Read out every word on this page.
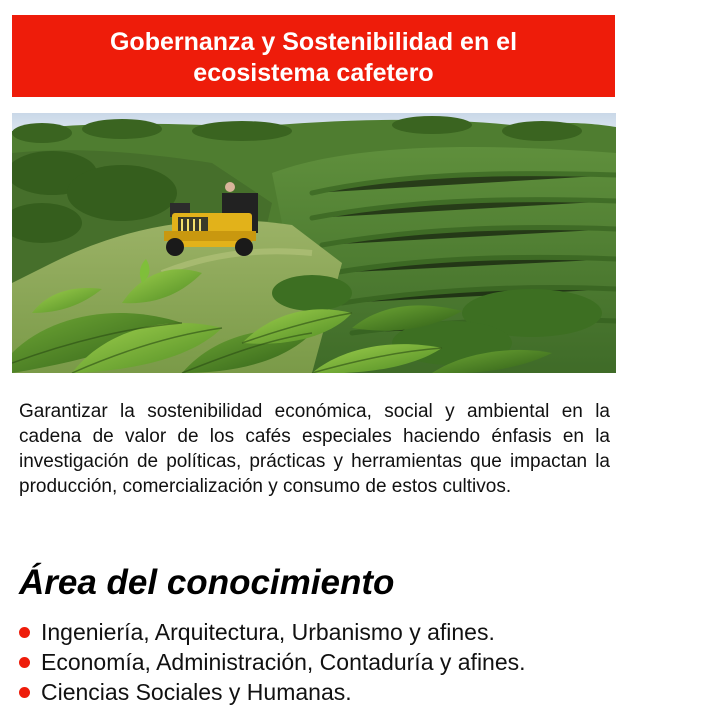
Gobernanza y Sostenibilidad en el ecosistema cafetero

Garantizar la sostenibilidad económica, social y ambiental en la cadena de valor de los cafés especiales haciendo énfasis en la investigación de políticas, prácticas y herramientas que impactan la producción, comercialización y consumo de estos cultivos.

Área del conocimiento
Ingeniería, Arquitectura, Urbanismo y afines.
Economía, Administración, Contaduría y afines.
Ciencias Sociales y Humanas.
